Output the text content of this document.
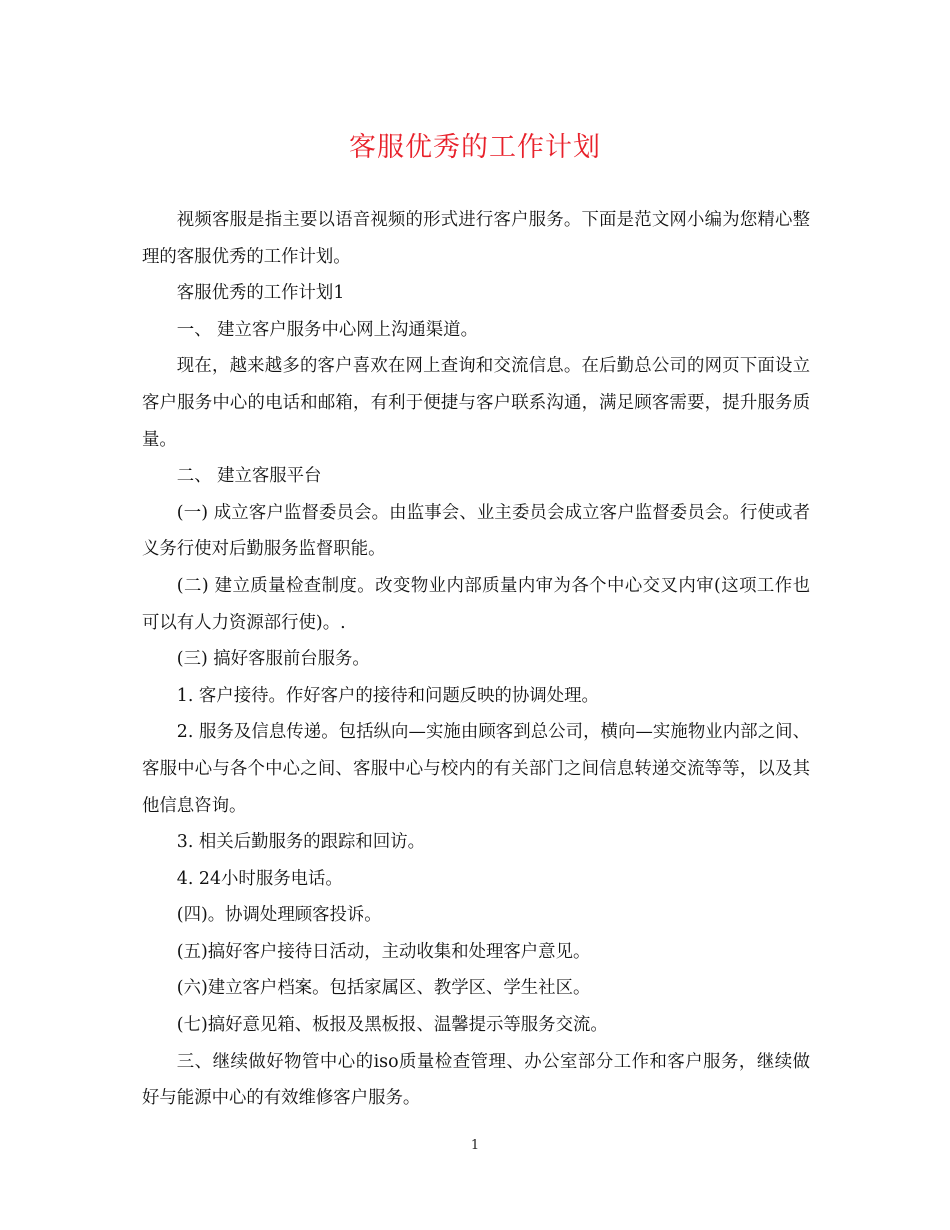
客服优秀的工作计划

视频客服是指主要以语音视频的形式进行客户服务。下面是范文网小编为您精心整理的客服优秀的工作计划。

客服优秀的工作计划1

一、 建立客户服务中心网上沟通渠道。

现在，越来越多的客户喜欢在网上查询和交流信息。在后勤总公司的网页下面设立客户服务中心的电话和邮箱，有利于便捷与客户联系沟通，满足顾客需要，提升服务质量。

二、 建立客服平台

(一) 成立客户监督委员会。由监事会、业主委员会成立客户监督委员会。行使或者义务行使对后勤服务监督职能。

(二) 建立质量检查制度。改变物业内部质量内审为各个中心交叉内审(这项工作也可以有人力资源部行使)。.

(三) 搞好客服前台服务。

1. 客户接待。作好客户的接待和问题反映的协调处理。

2. 服务及信息传递。包括纵向—实施由顾客到总公司，横向—实施物业内部之间、客服中心与各个中心之间、客服中心与校内的有关部门之间信息转递交流等等，以及其他信息咨询。

3. 相关后勤服务的跟踪和回访。

4. 24小时服务电话。

(四)。协调处理顾客投诉。

(五)搞好客户接待日活动，主动收集和处理客户意见。

(六)建立客户档案。包括家属区、教学区、学生社区。

(七)搞好意见箱、板报及黑板报、温馨提示等服务交流。

三、继续做好物管中心的iso质量检查管理、办公室部分工作和客户服务，继续做好与能源中心的有效维修客户服务。

1
